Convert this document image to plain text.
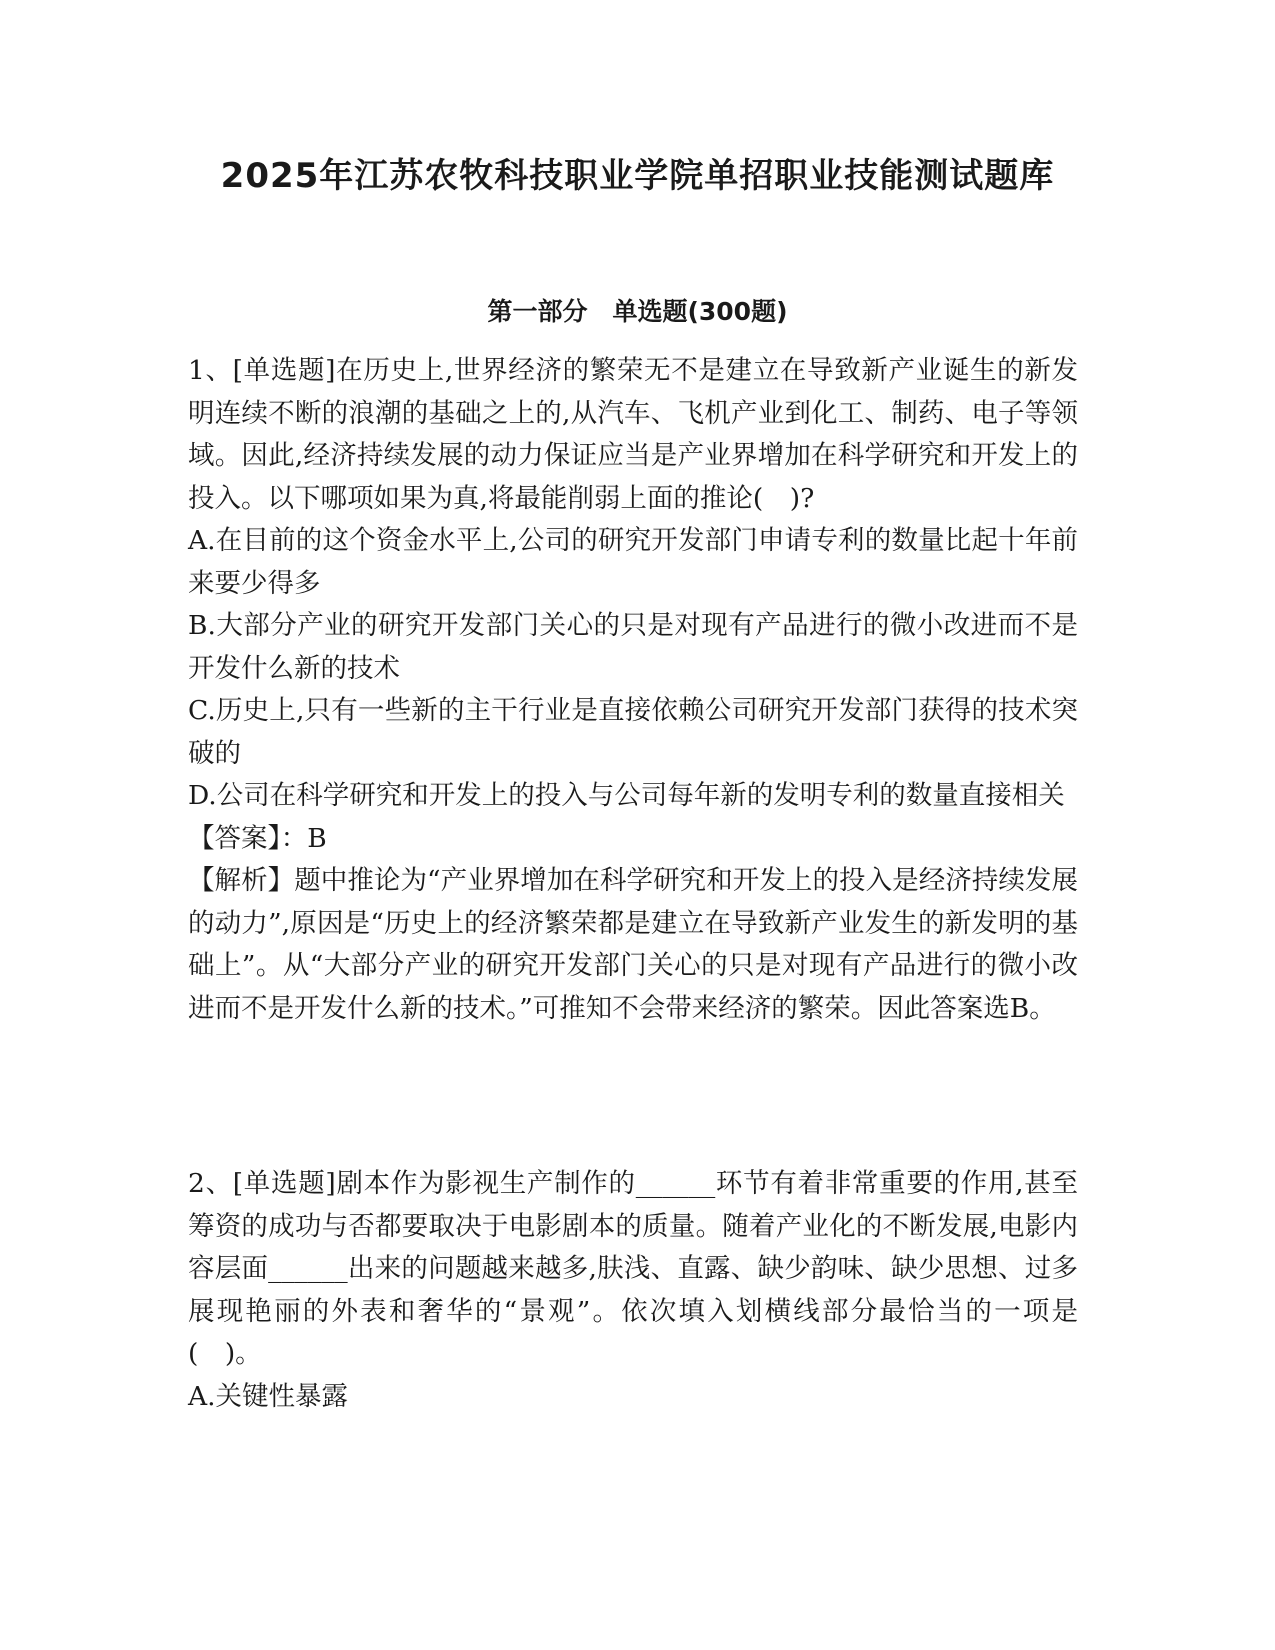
2025年江苏农牧科技职业学院单招职业技能测试题库
第一部分　单选题(300题)

1、[单选题]在历史上,世界经济的繁荣无不是建立在导致新产业诞生的新发明连续不断的浪潮的基础之上的,从汽车、飞机产业到化工、制药、电子等领域。因此,经济持续发展的动力保证应当是产业界增加在科学研究和开发上的投入。以下哪项如果为真,将最能削弱上面的推论(　)?

A.在目前的这个资金水平上,公司的研究开发部门申请专利的数量比起十年前来要少得多

B.大部分产业的研究开发部门关心的只是对现有产品进行的微小改进而不是开发什么新的技术

C.历史上,只有一些新的主干行业是直接依赖公司研究开发部门获得的技术突破的

D.公司在科学研究和开发上的投入与公司每年新的发明专利的数量直接相关

【答案】：B

【解析】题中推论为“产业界增加在科学研究和开发上的投入是经济持续发展的动力”,原因是“历史上的经济繁荣都是建立在导致新产业发生的新发明的基础上”。从“大部分产业的研究开发部门关心的只是对现有产品进行的微小改进而不是开发什么新的技术。”可推知不会带来经济的繁荣。因此答案选B。

2、[单选题]剧本作为影视生产制作的______环节有着非常重要的作用,甚至筹资的成功与否都要取决于电影剧本的质量。随着产业化的不断发展,电影内容层面______出来的问题越来越多,肤浅、直露、缺少韵味、缺少思想、过多展现艳丽的外表和奢华的“景观”。依次填入划横线部分最恰当的一项是(　)。

A.关键性暴露
